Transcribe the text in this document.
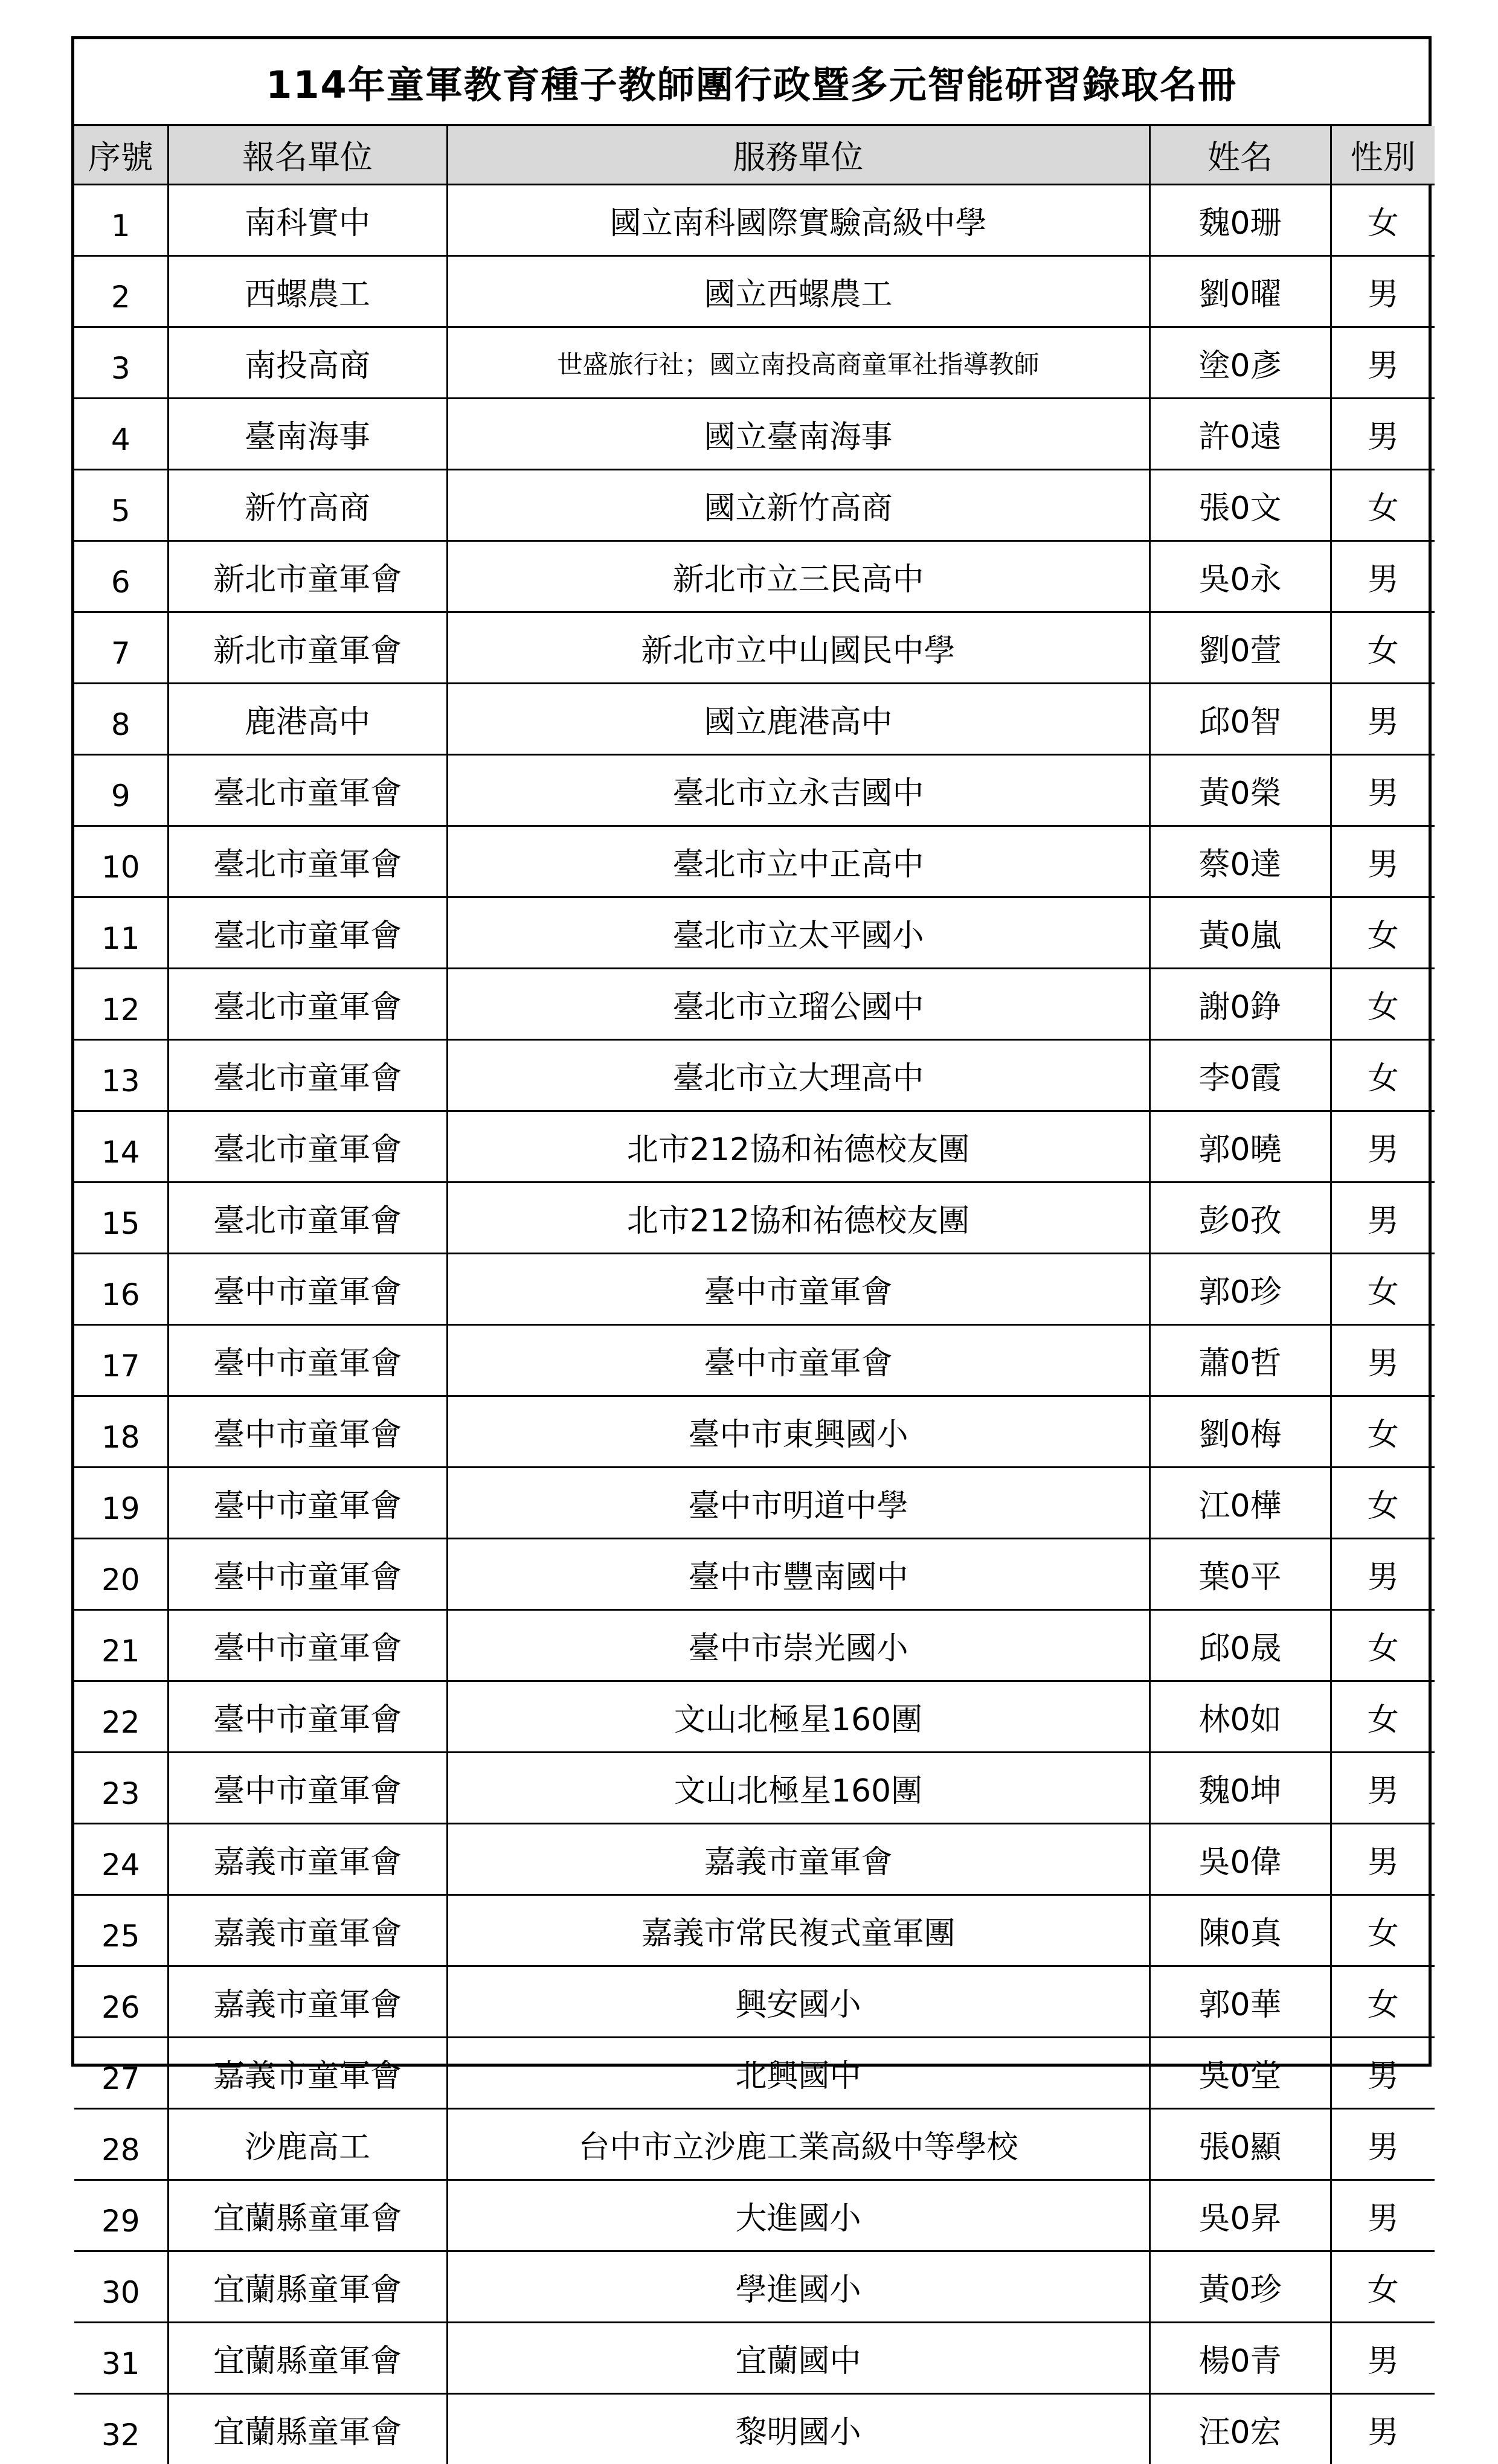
114年童軍教育種子教師團行政暨多元智能研習錄取名冊
序號	報名單位	服務單位	姓名	性別
1	南科實中	國立南科國際實驗高級中學	魏0珊	女
2	西螺農工	國立西螺農工	劉0曜	男
3	南投高商	世盛旅行社；國立南投高商童軍社指導教師	塗0彥	男
4	臺南海事	國立臺南海事	許0遠	男
5	新竹高商	國立新竹高商	張0文	女
6	新北市童軍會	新北市立三民高中	吳0永	男
7	新北市童軍會	新北市立中山國民中學	劉0萱	女
8	鹿港高中	國立鹿港高中	邱0智	男
9	臺北市童軍會	臺北市立永吉國中	黃0榮	男
10	臺北市童軍會	臺北市立中正高中	蔡0達	男
11	臺北市童軍會	臺北市立太平國小	黃0嵐	女
12	臺北市童軍會	臺北市立瑠公國中	謝0錚	女
13	臺北市童軍會	臺北市立大理高中	李0霞	女
14	臺北市童軍會	北市212協和祐德校友團	郭0曉	男
15	臺北市童軍會	北市212協和祐德校友團	彭0孜	男
16	臺中市童軍會	臺中市童軍會	郭0珍	女
17	臺中市童軍會	臺中市童軍會	蕭0哲	男
18	臺中市童軍會	臺中市東興國小	劉0梅	女
19	臺中市童軍會	臺中市明道中學	江0樺	女
20	臺中市童軍會	臺中市豐南國中	葉0平	男
21	臺中市童軍會	臺中市崇光國小	邱0晟	女
22	臺中市童軍會	文山北極星160團	林0如	女
23	臺中市童軍會	文山北極星160團	魏0坤	男
24	嘉義市童軍會	嘉義市童軍會	吳0偉	男
25	嘉義市童軍會	嘉義市常民複式童軍團	陳0真	女
26	嘉義市童軍會	興安國小	郭0華	女
27	嘉義市童軍會	北興國中	吳0堂	男
28	沙鹿高工	台中市立沙鹿工業高級中等學校	張0顯	男
29	宜蘭縣童軍會	大進國小	吳0昇	男
30	宜蘭縣童軍會	學進國小	黃0珍	女
31	宜蘭縣童軍會	宜蘭國中	楊0青	男
32	宜蘭縣童軍會	黎明國小	汪0宏	男
